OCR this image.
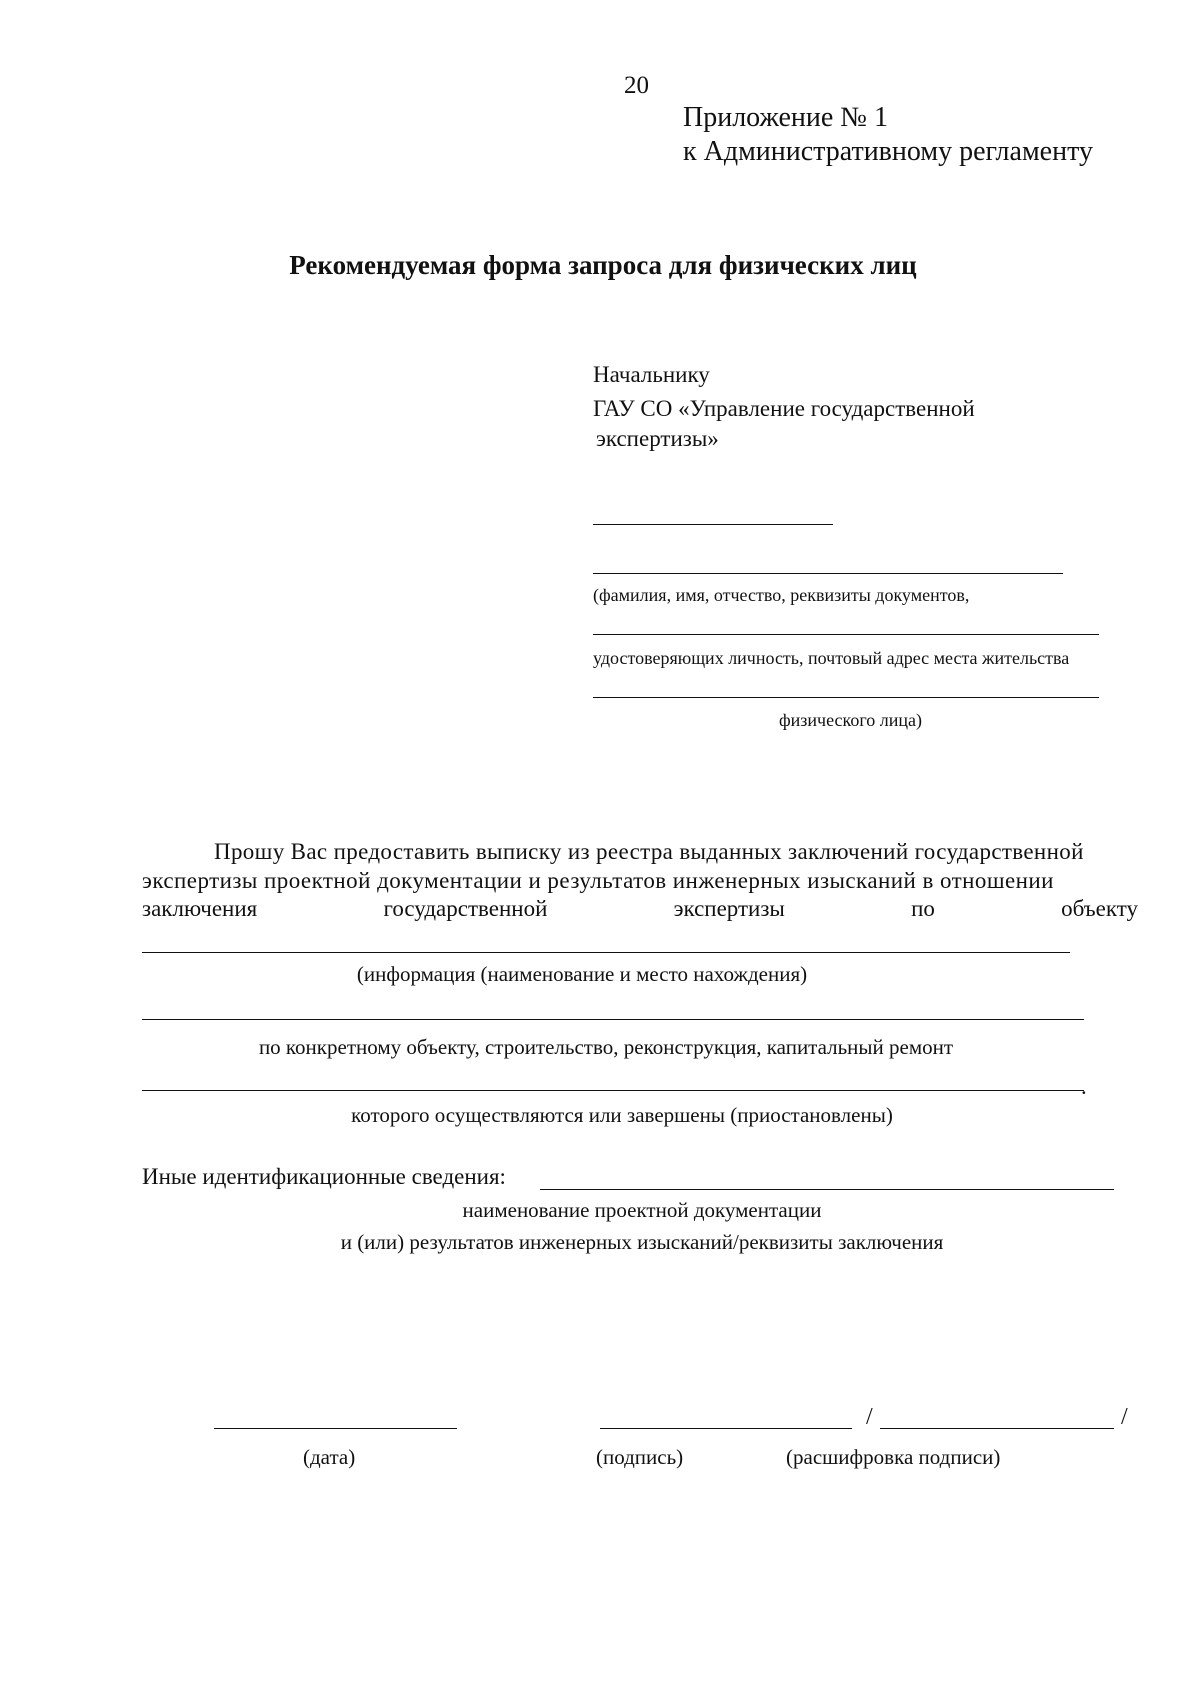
20
Приложение № 1
к Административному регламенту
Рекомендуемая форма запроса для физических лиц
Начальнику
ГАУ СО «Управление государственной
экспертизы»
(фамилия, имя, отчество, реквизиты документов,
удостоверяющих личность, почтовый адрес места жительства
физического лица)
Прошу Вас предоставить выписку из реестра выданных заключений государственной
экспертизы проектной документации и результатов инженерных изысканий в отношении
заключения	государственной	экспертизы	по	объекту
(информация (наименование и место нахождения)
по конкретному объекту, строительство, реконструкция, капитальный ремонт
.
которого осуществляются или завершены (приостановлены)
Иные идентификационные сведения:
наименование проектной документации
и (или) результатов инженерных изысканий/реквизиты заключения
/	/
(дата)	(подпись)	(расшифровка подписи)
